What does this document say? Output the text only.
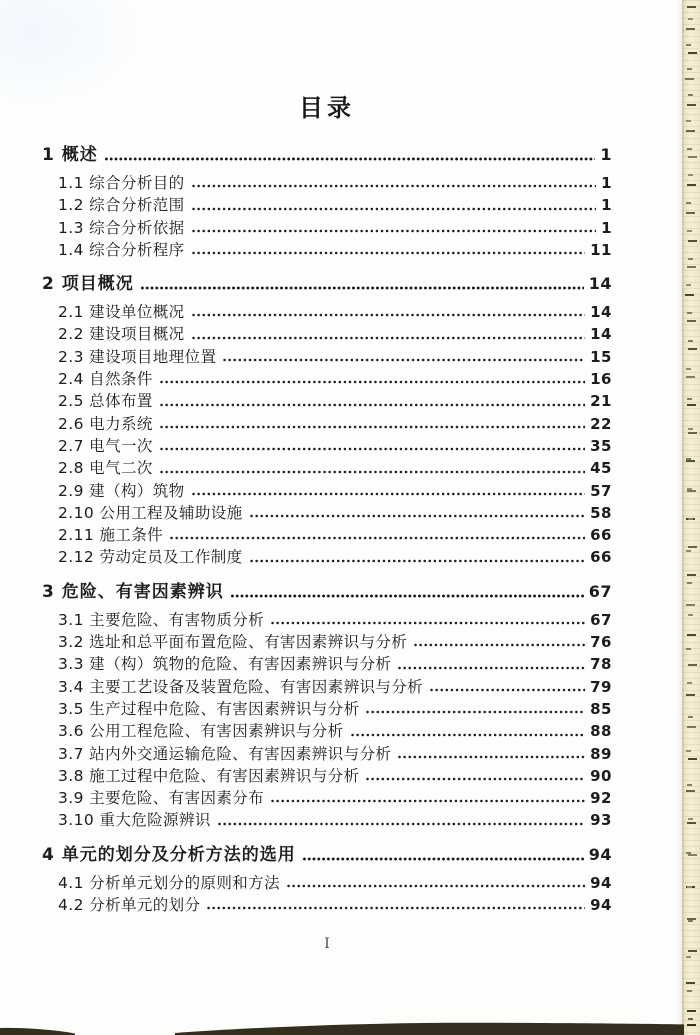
目录
1 概述	1
1.1 综合分析目的	1
1.2 综合分析范围	1
1.3 综合分析依据	1
1.4 综合分析程序	11
2 项目概况	14
2.1 建设单位概况	14
2.2 建设项目概况	14
2.3 建设项目地理位置	15
2.4 自然条件	16
2.5 总体布置	21
2.6 电力系统	22
2.7 电气一次	35
2.8 电气二次	45
2.9 建（构）筑物	57
2.10 公用工程及辅助设施	58
2.11 施工条件	66
2.12 劳动定员及工作制度	66
3 危险、有害因素辨识	67
3.1 主要危险、有害物质分析	67
3.2 选址和总平面布置危险、有害因素辨识与分析	76
3.3 建（构）筑物的危险、有害因素辨识与分析	78
3.4 主要工艺设备及装置危险、有害因素辨识与分析	79
3.5 生产过程中危险、有害因素辨识与分析	85
3.6 公用工程危险、有害因素辨识与分析	88
3.7 站内外交通运输危险、有害因素辨识与分析	89
3.8 施工过程中危险、有害因素辨识与分析	90
3.9 主要危险、有害因素分布	92
3.10 重大危险源辨识	93
4 单元的划分及分析方法的选用	94
4.1 分析单元划分的原则和方法	94
4.2 分析单元的划分	94
I
